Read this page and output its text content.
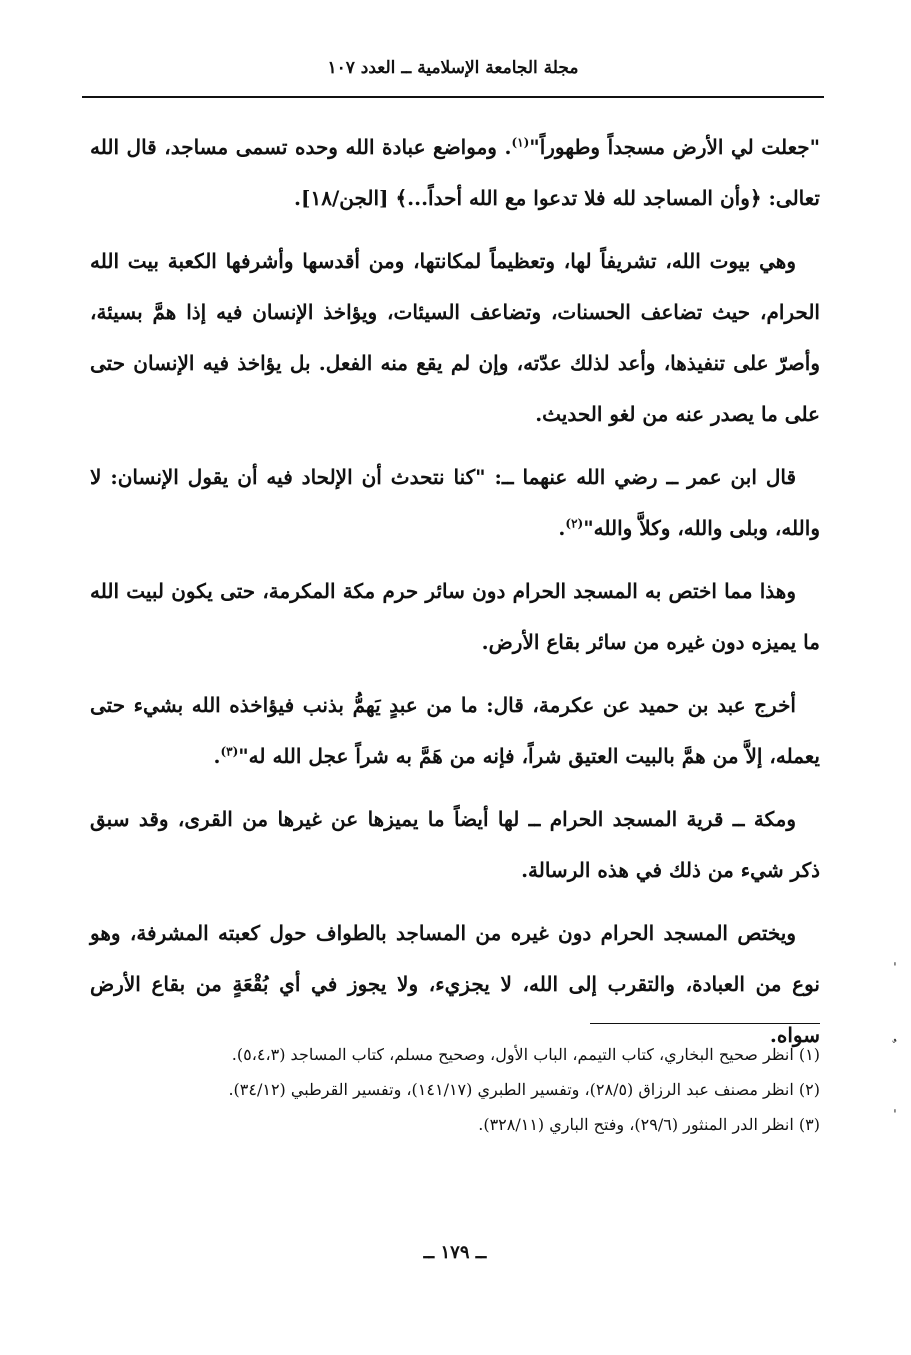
مجلة الجامعة الإسلامية ــ العدد ١٠٧

"جعلت لي الأرض مسجداً وطهوراً"$^{(١)}$. ومواضع عبادة الله وحده تسمى مساجد، قال الله تعالى: ﴿وأن المساجد لله فلا تدعوا مع الله أحداً...﴾ [الجن/١٨].

وهي بيوت الله، تشريفاً لها، وتعظيماً لمكانتها، ومن أقدسها وأشرفها الكعبة بيت الله الحرام، حيث تضاعف الحسنات، وتضاعف السيئات، ويؤاخذ الإنسان فيه إذا همَّ بسيئة، وأصرّ على تنفيذها، وأعد لذلك عدّته، وإن لم يقع منه الفعل. بل يؤاخذ فيه الإنسان حتى على ما يصدر عنه من لغو الحديث.

قال ابن عمر ــ رضي الله عنهما ــ: "كنا نتحدث أن الإلحاد فيه أن يقول الإنسان: لا والله، وبلى والله، وكلاَّ والله"$^{(٢)}$.

وهذا مما اختص به المسجد الحرام دون سائر حرم مكة المكرمة، حتى يكون لبيت الله ما يميزه دون غيره من سائر بقاع الأرض.

أخرج عبد بن حميد عن عكرمة، قال: ما من عبدٍ يَهمُّ بذنب فيؤاخذه الله بشيء حتى يعمله، إلاَّ من همَّ بالبيت العتيق شراً، فإنه من هَمَّ به شراً عجل الله له"$^{(٣)}$.

ومكة ــ قرية المسجد الحرام ــ لها أيضاً ما يميزها عن غيرها من القرى، وقد سبق ذكر شيء من ذلك في هذه الرسالة.

ويختص المسجد الحرام دون غيره من المساجد بالطواف حول كعبته المشرفة، وهو نوع من العبادة، والتقرب إلى الله، لا يجزيء، ولا يجوز في أي بُقْعَةٍ من بقاع الأرض سواه.

(١) انظر صحيح البخاري، كتاب التيمم، الباب الأول، وصحيح مسلم، كتاب المساجد (٥،٤،٣).
(٢) انظر مصنف عبد الرزاق (٢٨/٥)، وتفسير الطبري (١٤١/١٧)، وتفسير القرطبي (٣٤/١٢).
(٣) انظر الدر المنثور (٢٩/٦)، وفتح الباري (٣٢٨/١١).
ــ ١٧٩ ــ
ˈ
ˌ
